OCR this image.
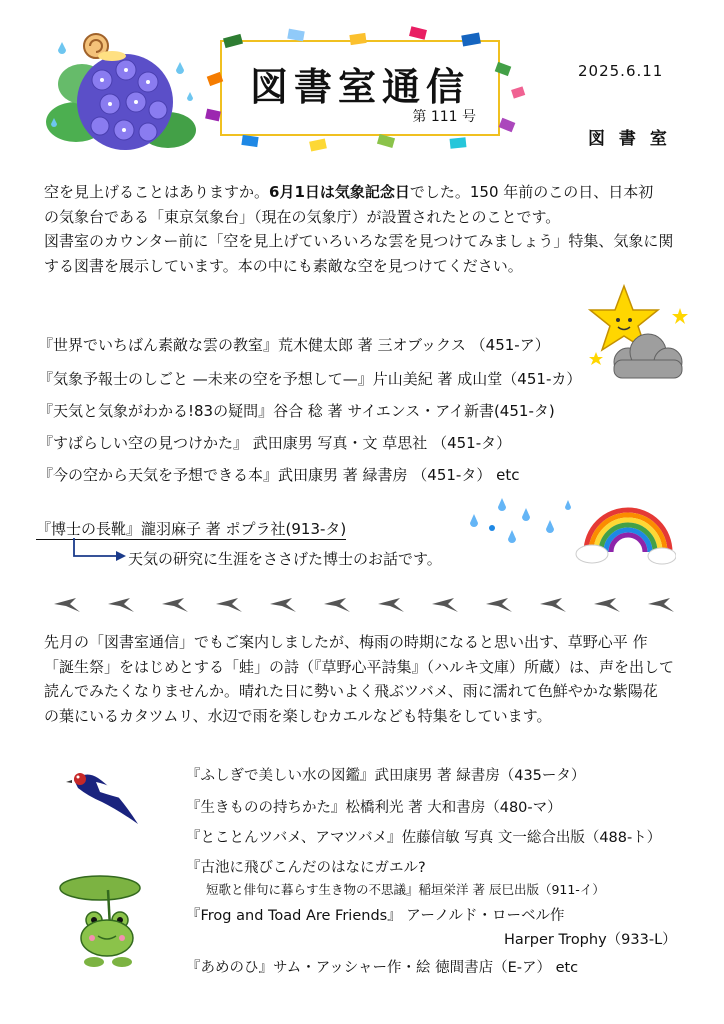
図書室通信
第 111 号
2025.6.11
図 書 室
空を見上げることはありますか。6月1日は気象記念日でした。150 年前のこの日、日本初
の気象台である「東京気象台」（現在の気象庁）が設置されたとのことです。
図書室のカウンター前に「空を見上げていろいろな雲を見つけてみましょう」特集、気象に関
する図書を展示しています。本の中にも素敵な空を見つけてください。
『世界でいちばん素敵な雲の教室』荒木健太郎 著 三オブックス （451-ア）
『気象予報士のしごと —未来の空を予想して—』片山美紀 著 成山堂（451-カ）
『天気と気象がわかる!83の疑問』谷合 稔 著 サイエンス・アイ新書(451-タ)
『すばらしい空の見つけかた』 武田康男 写真・文 草思社 （451-タ）
『今の空から天気を予想できる本』武田康男 著 緑書房 （451-タ） etc
『博士の長靴』瀧羽麻子 著 ポプラ社(913-タ)
天気の研究に生涯をささげた博士のお話です。
先月の「図書室通信」でもご案内しましたが、梅雨の時期になると思い出す、草野心平 作
「誕生祭」をはじめとする「蛙」の詩（『草野心平詩集』（ハルキ文庫）所蔵）は、声を出して
読んでみたくなりませんか。晴れた日に勢いよく飛ぶツバメ、雨に濡れて色鮮やかな紫陽花
の葉にいるカタツムリ、水辺で雨を楽しむカエルなども特集をしています。
『ふしぎで美しい水の図鑑』武田康男 著 緑書房（435ータ）
『生きものの持ちかた』松橋利光 著 大和書房（480-マ）
『とことんツバメ、アマツバメ』佐藤信敏 写真 文一総合出版（488-ト）
『古池に飛びこんだのはなにガエル?
短歌と俳句に暮らす生き物の不思議』稲垣栄洋 著 辰巳出版（911-イ）
『Frog and Toad Are Friends』 アーノルド・ローベル作
Harper Trophy（933-L）
『あめのひ』サム・アッシャー作・絵 徳間書店（E-ア） etc
